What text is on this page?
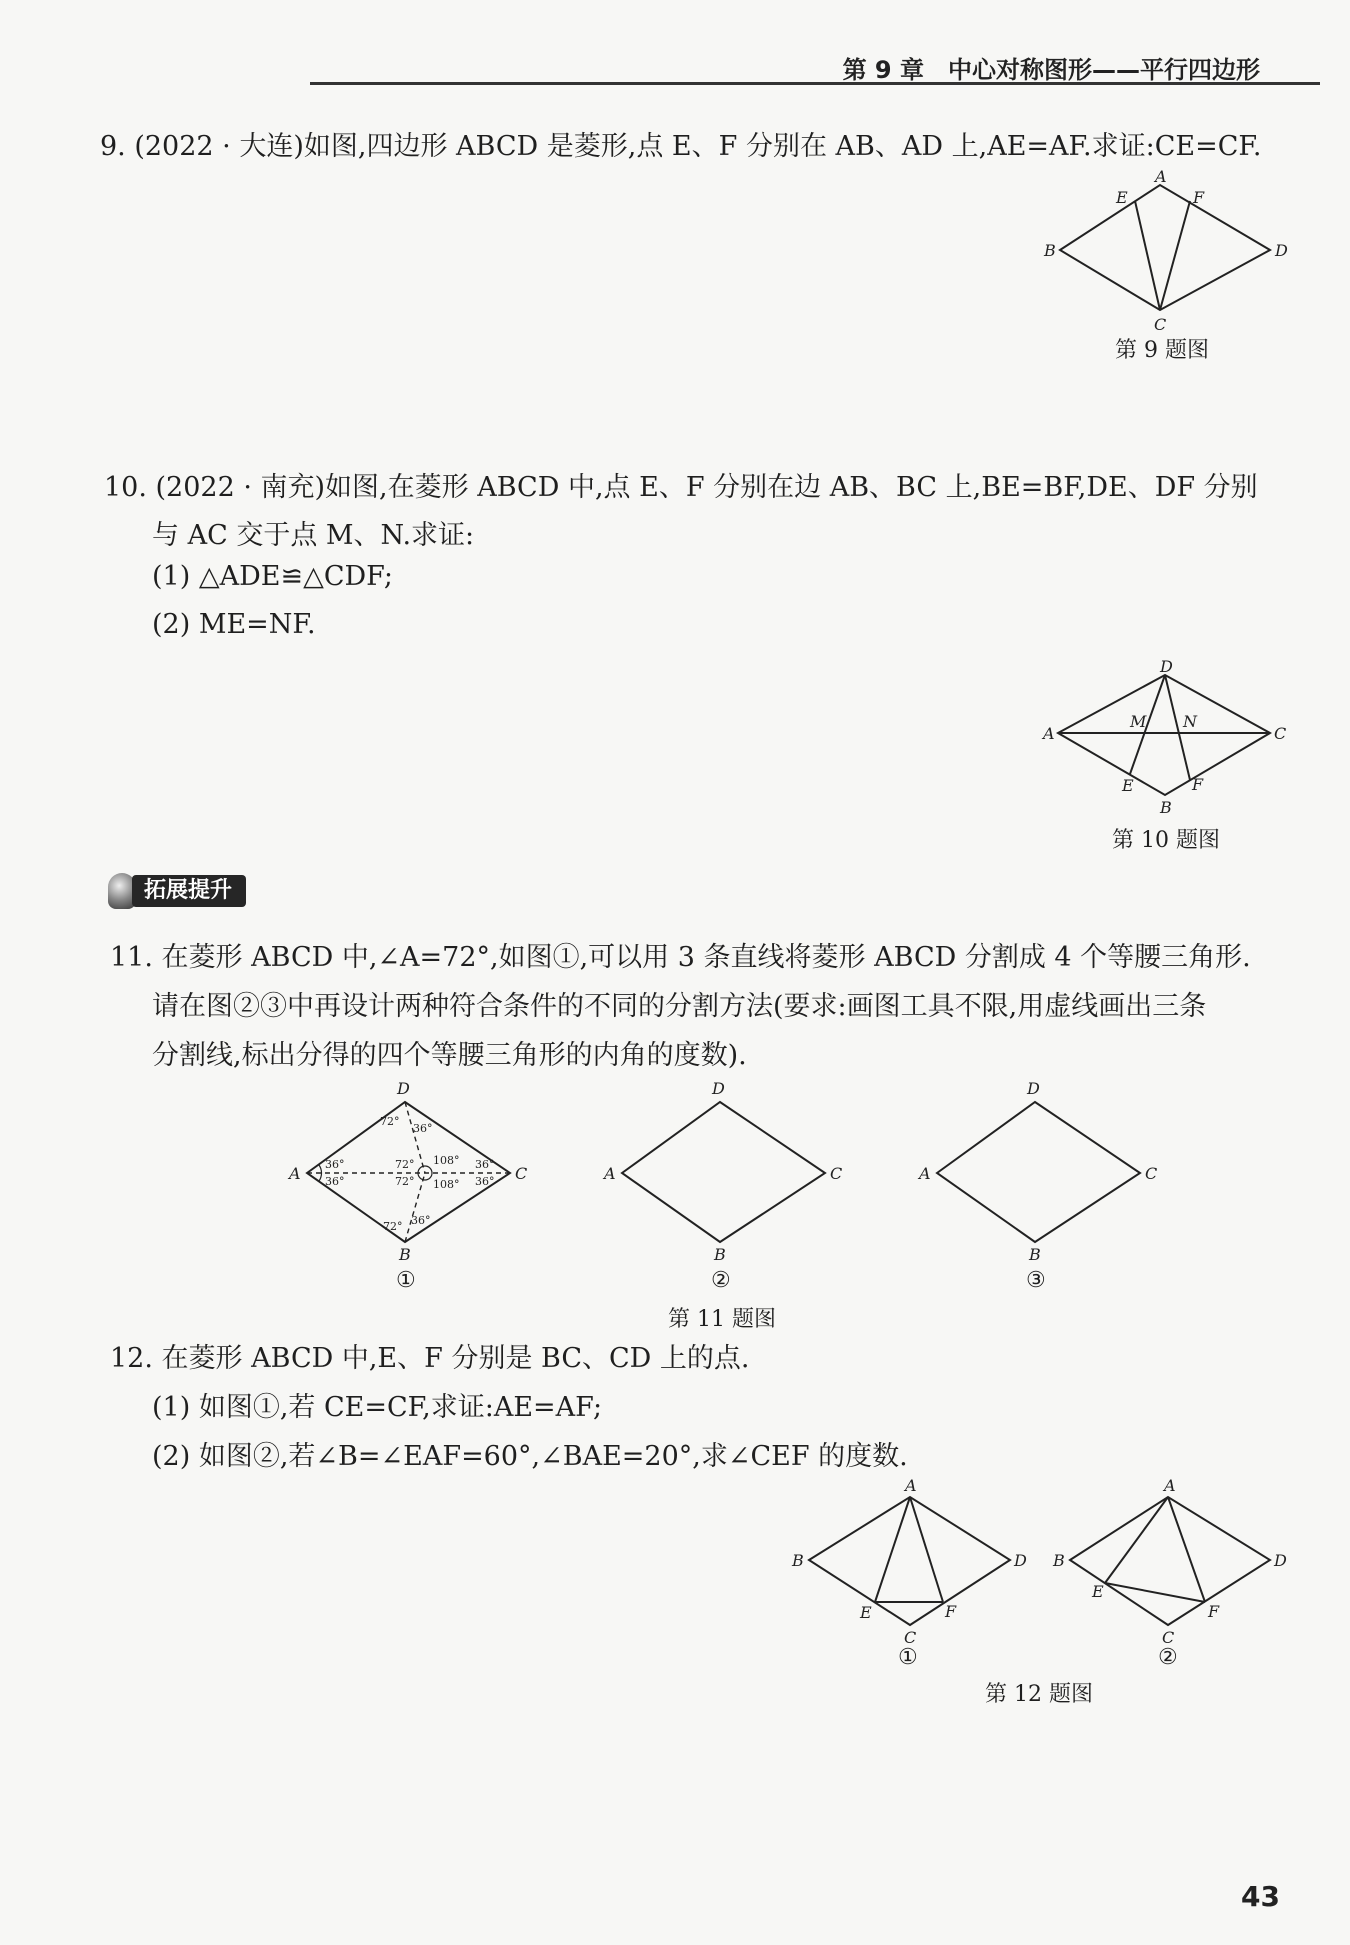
第 9 章　中心对称图形——平行四边形
9. (2022 · 大连)如图,四边形 ABCD 是菱形,点 E、F 分别在 AB、AD 上,AE=AF.求证:CE=CF.
A
B
C
D
E	F
第 9 题图
10. (2022 · 南充)如图,在菱形 ABCD 中,点 E、F 分别在边 AB、BC 上,BE=BF,DE、DF 分别
与 AC 交于点 M、N.求证:
(1) △ADE≌△CDF;
(2) ME=NF.
D
A	C
B
E	F
M N
第 10 题图
拓展提升
11. 在菱形 ABCD 中,∠A=72°,如图①,可以用 3 条直线将菱形 ABCD 分割成 4 个等腰三角形.
请在图②③中再设计两种符合条件的不同的分割方法(要求:画图工具不限,用虚线画出三条
分割线,标出分得的四个等腰三角形的内角的度数).
D
A	C
B
72°
36°
36°
36°
72°
72°
108°
108°
36°
36°
72° 36°
①
D
A	C
B
②
D
A	C
B
③
第 11 题图
12. 在菱形 ABCD 中,E、F 分别是 BC、CD 上的点.
(1) 如图①,若 CE=CF,求证:AE=AF;
(2) 如图②,若∠B=∠EAF=60°,∠BAE=20°,求∠CEF 的度数.
A
B	D
C
E	F
①
A
B	D
C
E
F
②
第 12 题图
43
